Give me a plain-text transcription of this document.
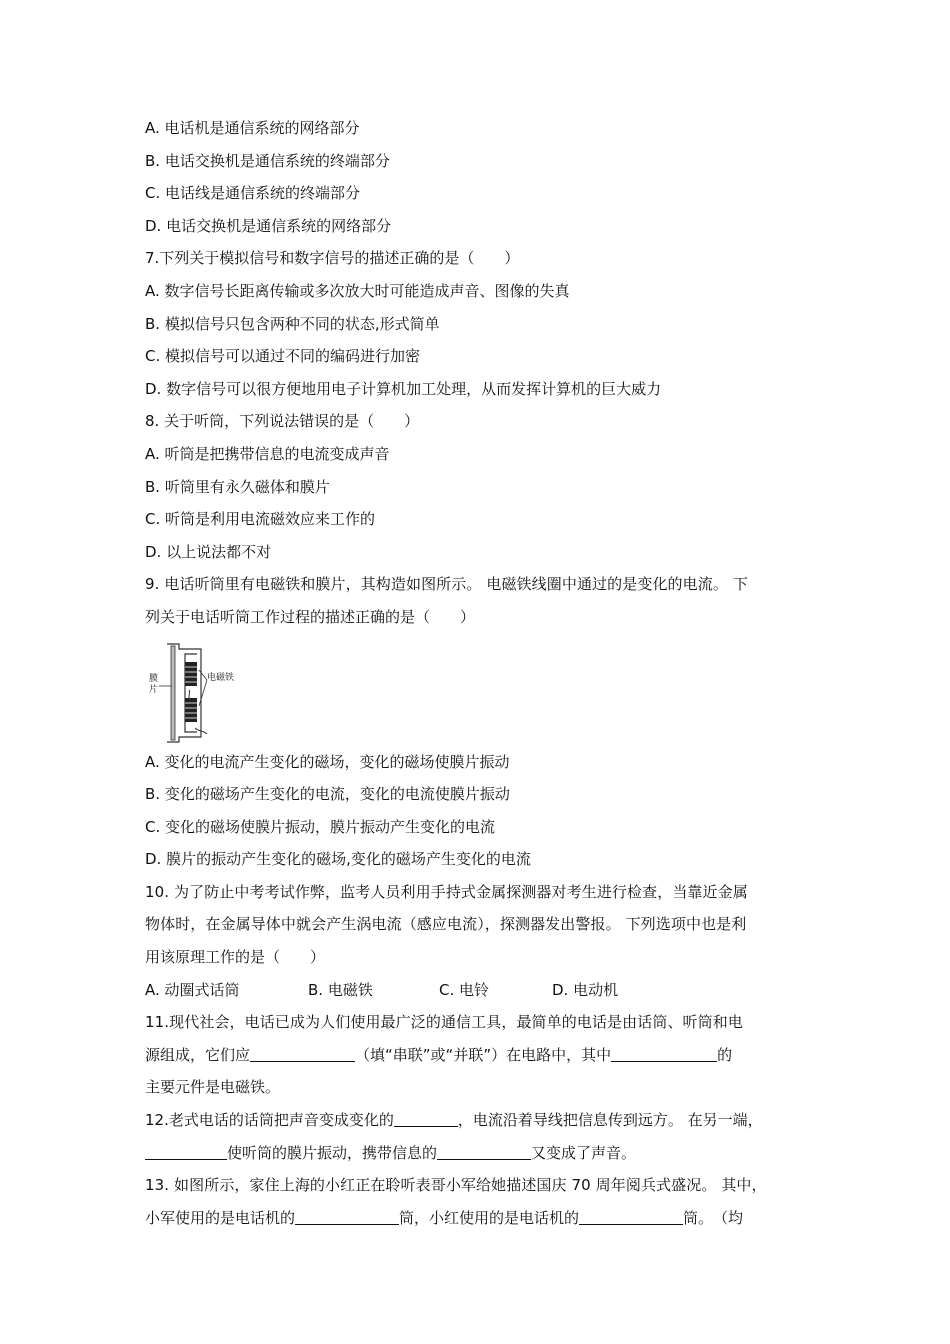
A. 电话机是通信系统的网络部分
B. 电话交换机是通信系统的终端部分
C. 电话线是通信系统的终端部分
D. 电话交换机是通信系统的网络部分
7.下列关于模拟信号和数字信号的描述正确的是（　　）
A. 数字信号长距离传输或多次放大时可能造成声音、图像的失真
B. 模拟信号只包含两种不同的状态,形式简单
C. 模拟信号可以通过不同的编码进行加密
D. 数字信号可以很方便地用电子计算机加工处理，从而发挥计算机的巨大威力
8. 关于听筒，下列说法错误的是（　　）
A. 听筒是把携带信息的电流变成声音
B. 听筒里有永久磁体和膜片
C. 听筒是利用电流磁效应来工作的
D. 以上说法都不对
9. 电话听筒里有电磁铁和膜片，其构造如图所示。 电磁铁线圈中通过的是变化的电流。 下
列关于电话听筒工作过程的描述正确的是（　　）
膜
片
电磁铁
A. 变化的电流产生变化的磁场，变化的磁场使膜片振动
B. 变化的磁场产生变化的电流，变化的电流使膜片振动
C. 变化的磁场使膜片振动，膜片振动产生变化的电流
D. 膜片的振动产生变化的磁场,变化的磁场产生变化的电流
10. 为了防止中考考试作弊，监考人员利用手持式金属探测器对考生进行检查，当靠近金属
物体时，在金属导体中就会产生涡电流（感应电流），探测器发出警报。 下列选项中也是利
用该原理工作的是（　　）
A. 动圈式话筒	B. 电磁铁	C. 电铃	D. 电动机
11.现代社会，电话已成为人们使用最广泛的通信工具，最简单的电话是由话筒、听筒和电
源组成，它们应	（填“串联”或“并联”）在电路中，其中	的
主要元件是电磁铁。
12.老式电话的话筒把声音变成变化的	，电流沿着导线把信息传到远方。 在另一端，
使听筒的膜片振动，携带信息的	又变成了声音。
13. 如图所示，家住上海的小红正在聆听表哥小军给她描述国庆 70 周年阅兵式盛况。 其中，
小军使用的是电话机的	筒，小红使用的是电话机的	筒。　（均
